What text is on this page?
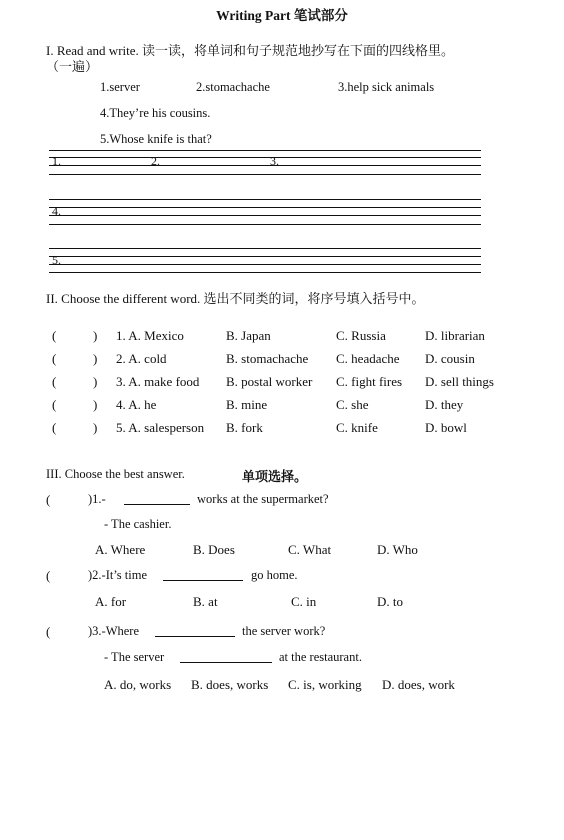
Writing Part 笔试部分
I. Read and write. 读一读，将单词和句子规范地抄写在下面的四线格里。
（一遍）
1.server	2.stomachache	3.help sick animals
4.They’re his cousins.
5.Whose knife is that?
1.	2.	3.
4.
5.
II. Choose the different word. 选出不同类的词，将序号填入括号中。
(	) 1. A. Mexico	B. Japan	C. Russia	D. librarian
(	) 2. A. cold	B. stomachache C. headache D. cousin
(	) 3. A. make food B. postal worker C. fight fires D. sell things
(	) 4. A. he	B. mine	C. she	D. they
(	) 5. A. salesperson B. fork	C. knife	D. bowl
III. Choose the best answer.	单项选择。
(	)1.-	works at the supermarket?
- The cashier.
A. Where	B. Does	C. What	D. Who
(	)2.-It’s time	go home.
A. for	B. at	C. in	D. to
(	)3.-Where	the server work?
- The server	at the restaurant.
A. do, works B. does, works C. is, working D. does, work
